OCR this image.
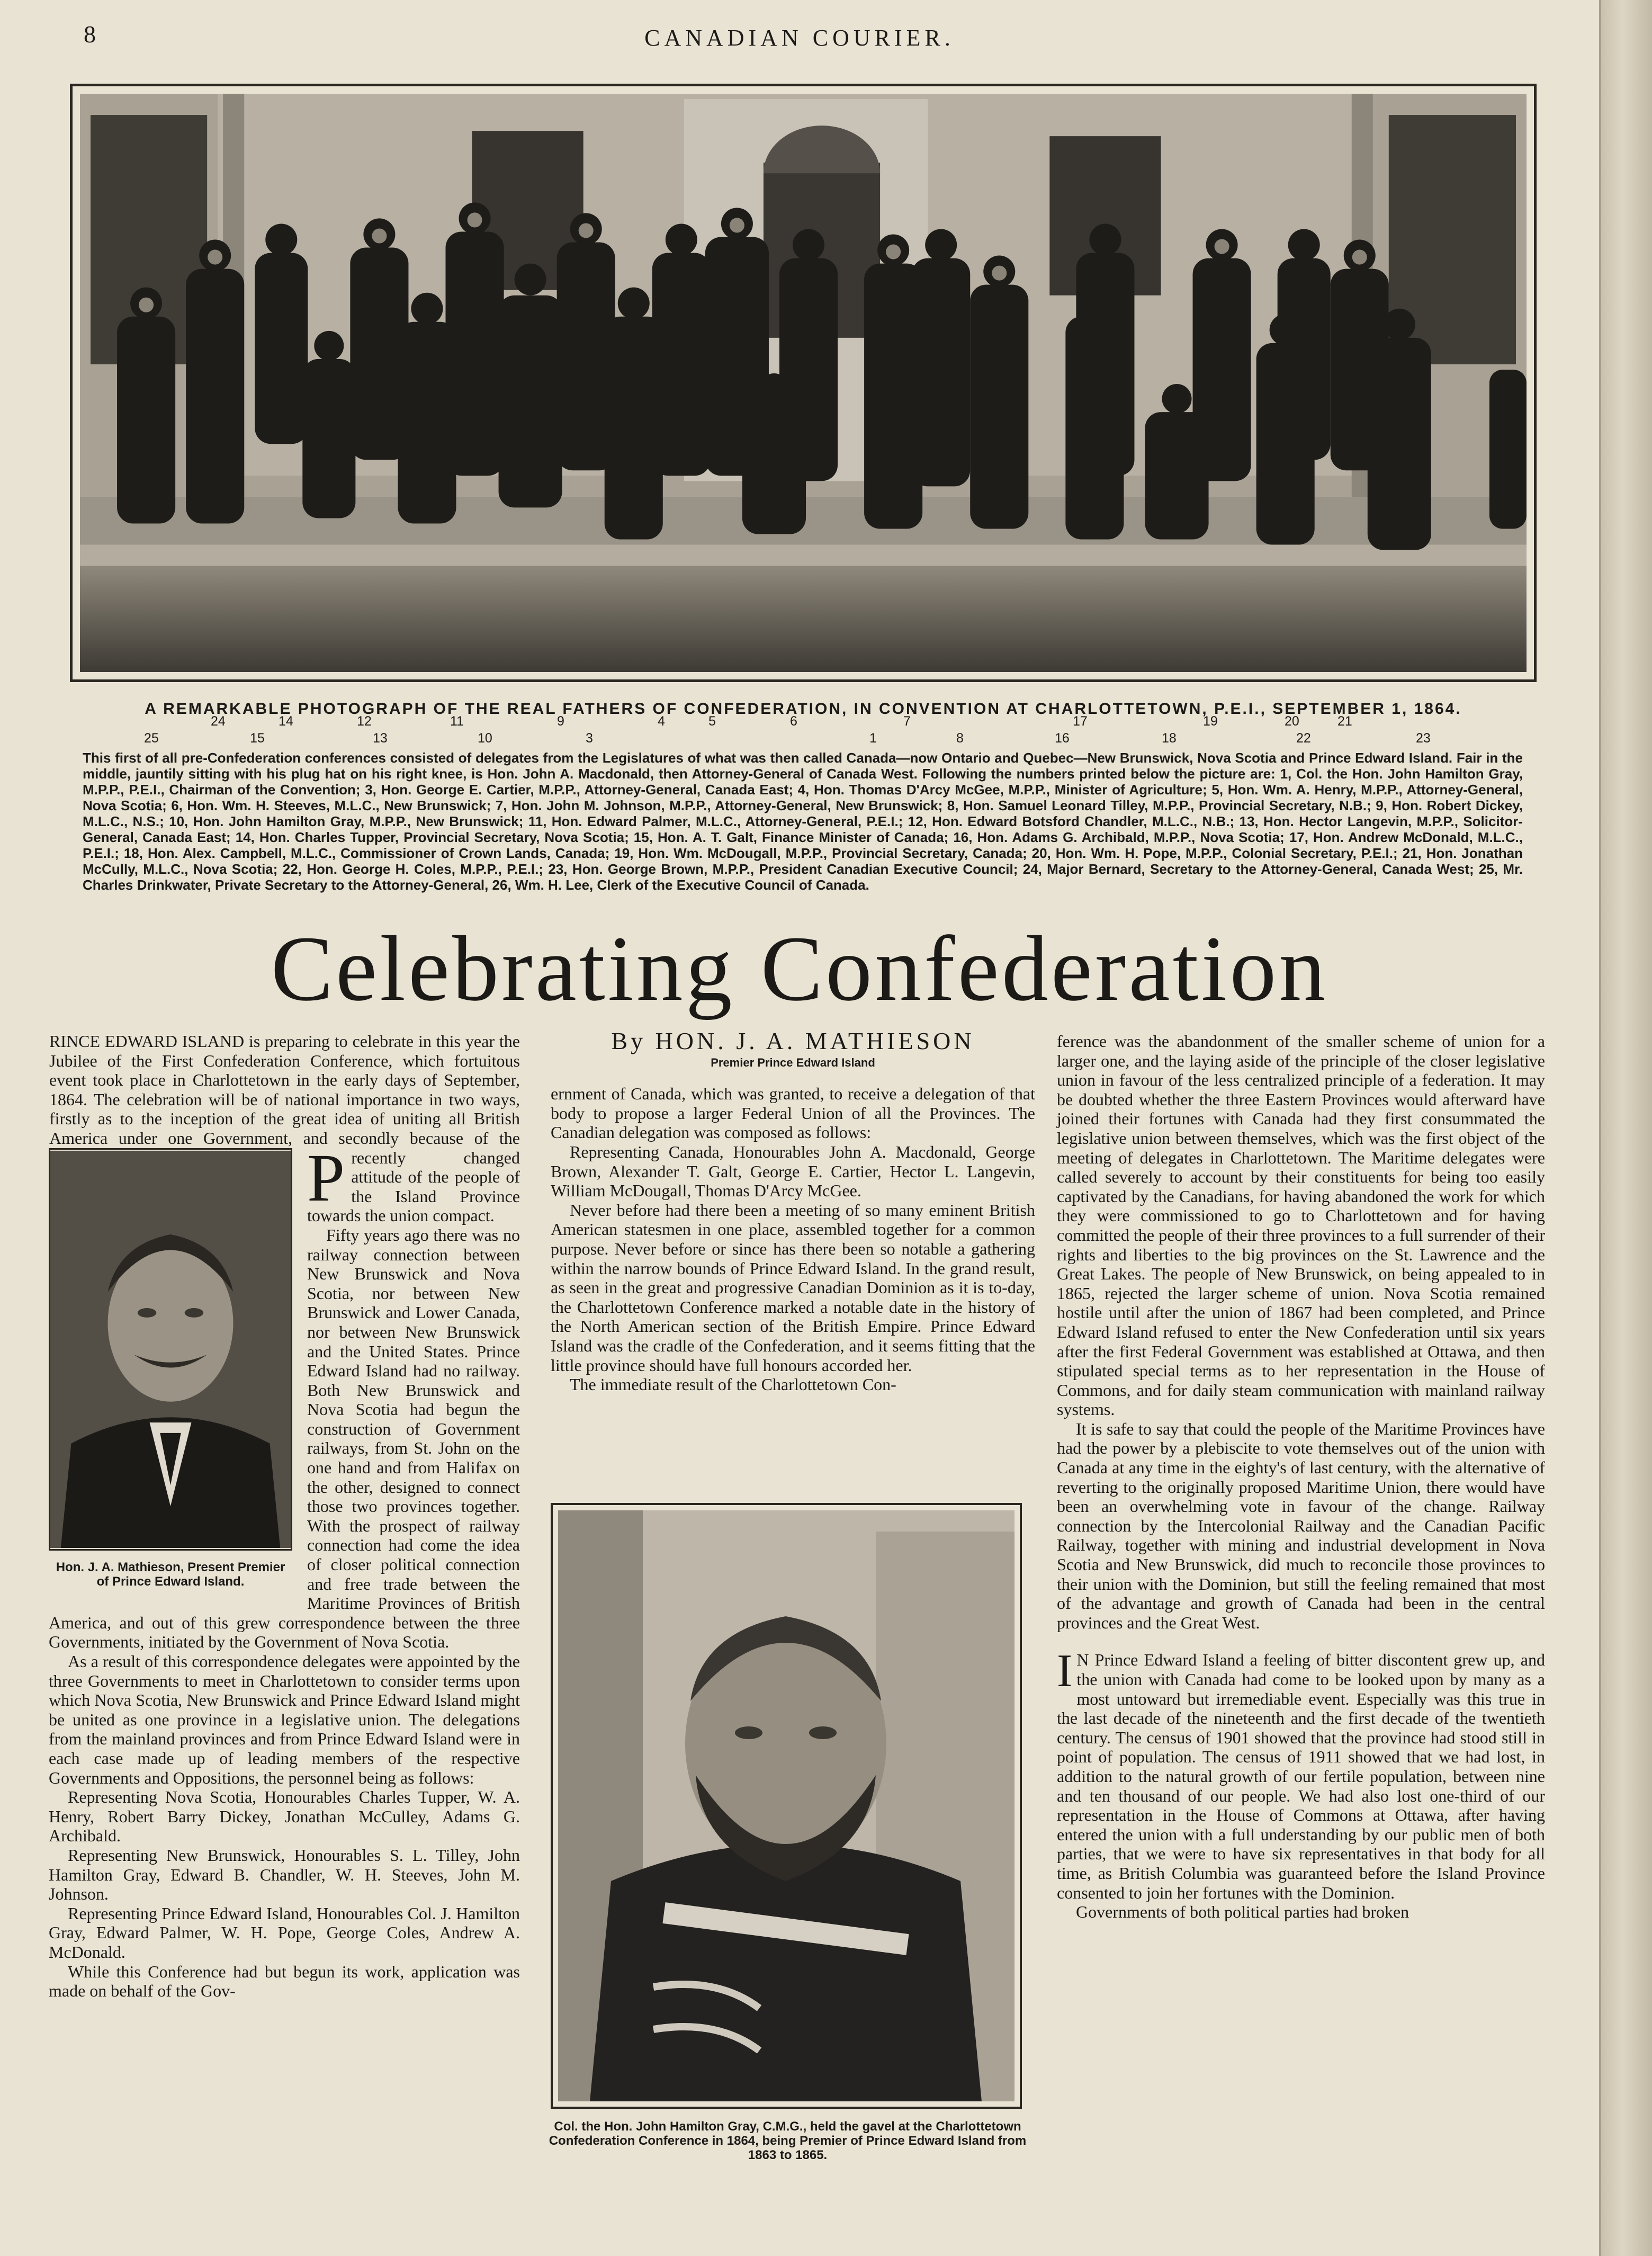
8	CANADIAN COURIER.
A REMARKABLE PHOTOGRAPH OF THE REAL FATHERS OF CONFEDERATION, IN CONVENTION AT CHARLOTTETOWN, P.E.I., SEPTEMBER 1, 1864.
24	14	12	11	9	4	5	6	7	17	19	20	21
25	15	13	10	3	1	8	16	18	22	23
This first of all pre-Confederation conferences consisted of delegates from the Legislatures of what was then called Canada—now Ontario and Quebec—New Brunswick, Nova Scotia and Prince Edward Island. Fair in the middle, jauntily sitting with his plug hat on his right knee, is Hon. John A. Macdonald, then Attorney-General of Canada West. Following the numbers printed below the picture are: 1, Col. the Hon. John Hamilton Gray, M.P.P., P.E.I., Chairman of the Convention; 3, Hon. George E. Cartier, M.P.P., Attorney-General, Canada East; 4, Hon. Thomas D'Arcy McGee, M.P.P., Minister of Agriculture; 5, Hon. Wm. A. Henry, M.P.P., Attorney-General, Nova Scotia; 6, Hon. Wm. H. Steeves, M.L.C., New Brunswick; 7, Hon. John M. Johnson, M.P.P., Attorney-General, New Brunswick; 8, Hon. Samuel Leonard Tilley, M.P.P., Provincial Secretary, N.B.; 9, Hon. Robert Dickey, M.L.C., N.S.; 10, Hon. John Hamilton Gray, M.P.P., New Brunswick; 11, Hon. Edward Palmer, M.L.C., Attorney-General, P.E.I.; 12, Hon. Edward Botsford Chandler, M.L.C., N.B.; 13, Hon. Hector Langevin, M.P.P., Solicitor-General, Canada East; 14, Hon. Charles Tupper, Provincial Secretary, Nova Scotia; 15, Hon. A. T. Galt, Finance Minister of Canada; 16, Hon. Adams G. Archibald, M.P.P., Nova Scotia; 17, Hon. Andrew McDonald, M.L.C., P.E.I.; 18, Hon. Alex. Campbell, M.L.C., Commissioner of Crown Lands, Canada; 19, Hon. Wm. McDougall, M.P.P., Provincial Secretary, Canada; 20, Hon. Wm. H. Pope, M.P.P., Colonial Secretary, P.E.I.; 21, Hon. Jonathan McCully, M.L.C., Nova Scotia; 22, Hon. George H. Coles, M.P.P., P.E.I.; 23, Hon. George Brown, M.P.P., President Canadian Executive Council; 24, Major Bernard, Secretary to the Attorney-General, Canada West; 25, Mr. Charles Drinkwater, Private Secretary to the Attorney-General, 26, Wm. H. Lee, Clerk of the Executive Council of Canada.
Celebrating Confederation

P
RINCE EDWARD ISLAND is preparing to celebrate in this year the Jubilee of the First Confederation Conference, which fortuitous event took place in Charlottetown in the early days of September, 1864. The celebration will be of national importance in two ways, firstly as to the inception of the great idea of uniting all British America under one Government, and secondly because of the recently changed attitude of the people of the Island Province towards the union compact.

Fifty years ago there was no railway connection between New Brunswick and Nova Scotia, nor between New Brunswick and Lower Canada, nor between New Brunswick and the United States. Prince Edward Island had no railway. Both New Brunswick and Nova Scotia had begun the construction of Government railways, from St. John on the one hand and from Halifax on the other, designed to connect those two provinces together. With the prospect of railway connection had come the idea of closer political connection and free trade between the Maritime Provinces of British America, and out of this grew correspondence between the three Governments, initiated by the Government of Nova Scotia.

As a result of this correspondence delegates were appointed by the three Governments to meet in Charlottetown to consider terms upon which Nova Scotia, New Brunswick and Prince Edward Island might be united as one province in a legislative union. The delegations from the mainland provinces and from Prince Edward Island were in each case made up of leading members of the respective Governments and Oppositions, the personnel being as follows:

Representing Nova Scotia, Honourables Charles Tupper, W. A. Henry, Robert Barry Dickey, Jonathan McCulley, Adams G. Archibald.

Representing New Brunswick, Honourables S. L. Tilley, John Hamilton Gray, Edward B. Chandler, W. H. Steeves, John M. Johnson.

Representing Prince Edward Island, Honourables Col. J. Hamilton Gray, Edward Palmer, W. H. Pope, George Coles, Andrew A. McDonald.

While this Conference had but begun its work, application was made on behalf of the Gov-

Hon. J. A. Mathieson, Present Premier of Prince Edward Island.
By HON. J. A. MATHIESON
Premier Prince Edward Island

ernment of Canada, which was granted, to receive a delegation of that body to propose a larger Federal Union of all the Provinces. The Canadian delegation was composed as follows:

Representing Canada, Honourables John A. Macdonald, George Brown, Alexander T. Galt, George E. Cartier, Hector L. Langevin, William McDougall, Thomas D'Arcy McGee.

Never before had there been a meeting of so many eminent British American statesmen in one place, assembled together for a common purpose. Never before or since has there been so notable a gathering within the narrow bounds of Prince Edward Island. In the grand result, as seen in the great and progressive Canadian Dominion as it is to-day, the Charlottetown Conference marked a notable date in the history of the North American section of the British Empire. Prince Edward Island was the cradle of the Confederation, and it seems fitting that the little province should have full honours accorded her.

The immediate result of the Charlottetown Con-

Col. the Hon. John Hamilton Gray, C.M.G., held the gavel at the Charlottetown Confederation Conference in 1864, being Premier of Prince Edward Island from 1863 to 1865.

ference was the abandonment of the smaller scheme of union for a larger one, and the laying aside of the principle of the closer legislative union in favour of the less centralized principle of a federation. It may be doubted whether the three Eastern Provinces would afterward have joined their fortunes with Canada had they first consummated the legislative union between themselves, which was the first object of the meeting of delegates in Charlottetown. The Maritime delegates were called severely to account by their constituents for being too easily captivated by the Canadians, for having abandoned the work for which they were commissioned to go to Charlottetown and for having committed the people of their three provinces to a full surrender of their rights and liberties to the big provinces on the St. Lawrence and the Great Lakes. The people of New Brunswick, on being appealed to in 1865, rejected the larger scheme of union. Nova Scotia remained hostile until after the union of 1867 had been completed, and Prince Edward Island refused to enter the New Confederation until six years after the first Federal Government was established at Ottawa, and then stipulated special terms as to her representation in the House of Commons, and for daily steam communication with mainland railway systems.

It is safe to say that could the people of the Maritime Provinces have had the power by a plebiscite to vote themselves out of the union with Canada at any time in the eighty's of last century, with the alternative of reverting to the originally proposed Maritime Union, there would have been an overwhelming vote in favour of the change. Railway connection by the Intercolonial Railway and the Canadian Pacific Railway, together with mining and industrial development in Nova Scotia and New Brunswick, did much to reconcile those provinces to their union with the Dominion, but still the feeling remained that most of the advantage and growth of Canada had been in the central provinces and the Great West.

I N Prince Edward Island a feeling of bitter discontent grew up, and the union with Canada had come to be looked upon by many as a most untoward but irremediable event. Especially was this true in the last decade of the nineteenth and the first decade of the twentieth century. The census of 1901 showed that the province had stood still in point of population. The census of 1911 showed that we had lost, in addition to the natural growth of our fertile population, between nine and ten thousand of our people. We had also lost one-third of our representation in the House of Commons at Ottawa, after having entered the union with a full understanding by our public men of both parties, that we were to have six representatives in that body for all time, as British Columbia was guaranteed before the Island Province consented to join her fortunes with the Dominion.

Governments of both political parties had broken
